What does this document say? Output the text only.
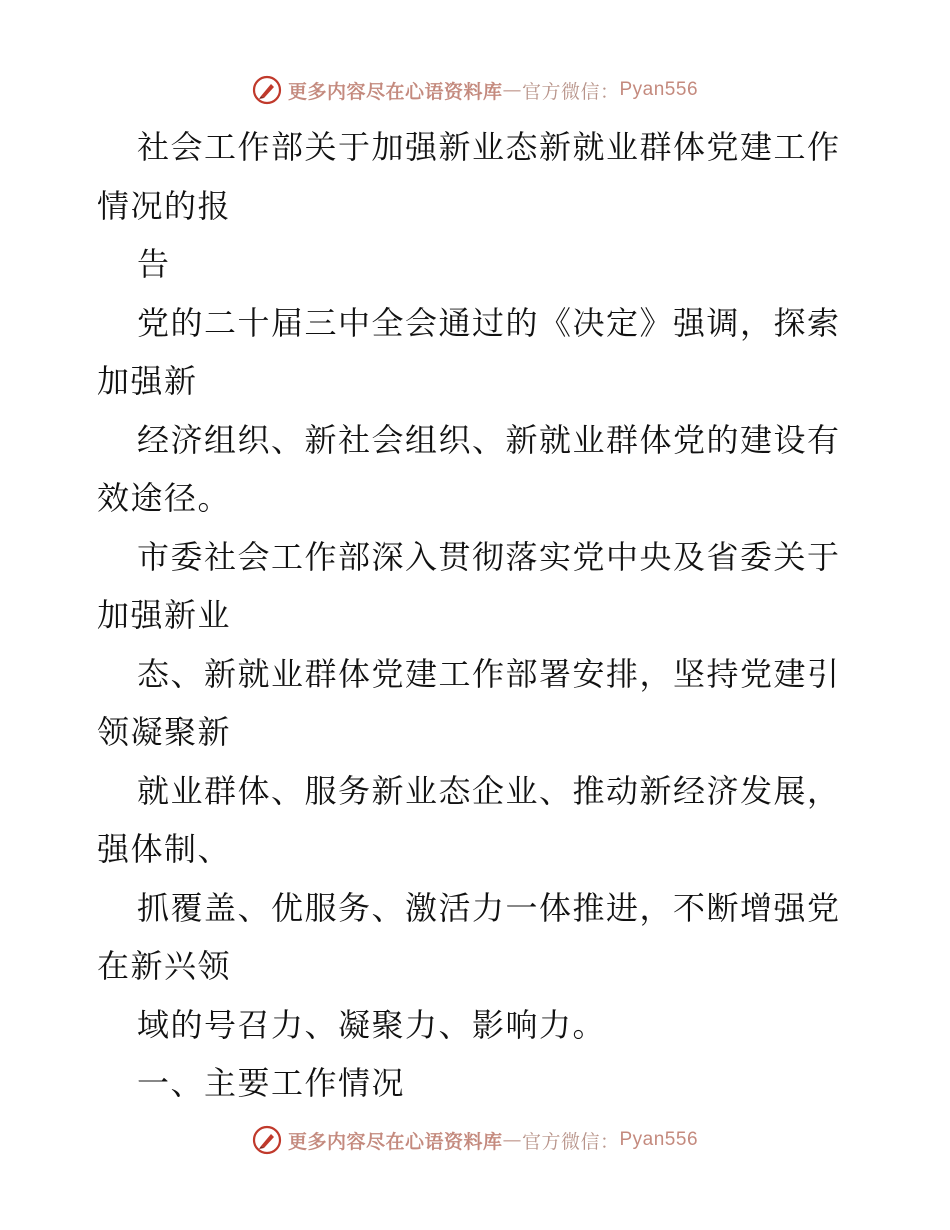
更多内容尽在心语资料库 — 官方微信： Pyan556
社会工作部关于加强新业态新就业群体党建工作
情况的报
告
党的二十届三中全会通过的《决定》强调，探索
加强新
经济组织、新社会组织、新就业群体党的建设有
效途径。
市委社会工作部深入贯彻落实党中央及省委关于
加强新业
态、新就业群体党建工作部署安排，坚持党建引
领凝聚新
就业群体、服务新业态企业、推动新经济发展，
强体制、
抓覆盖、优服务、激活力一体推进，不断增强党
在新兴领
域的号召力、凝聚力、影响力。
一、主要工作情况
更多内容尽在心语资料库 — 官方微信： Pyan556
